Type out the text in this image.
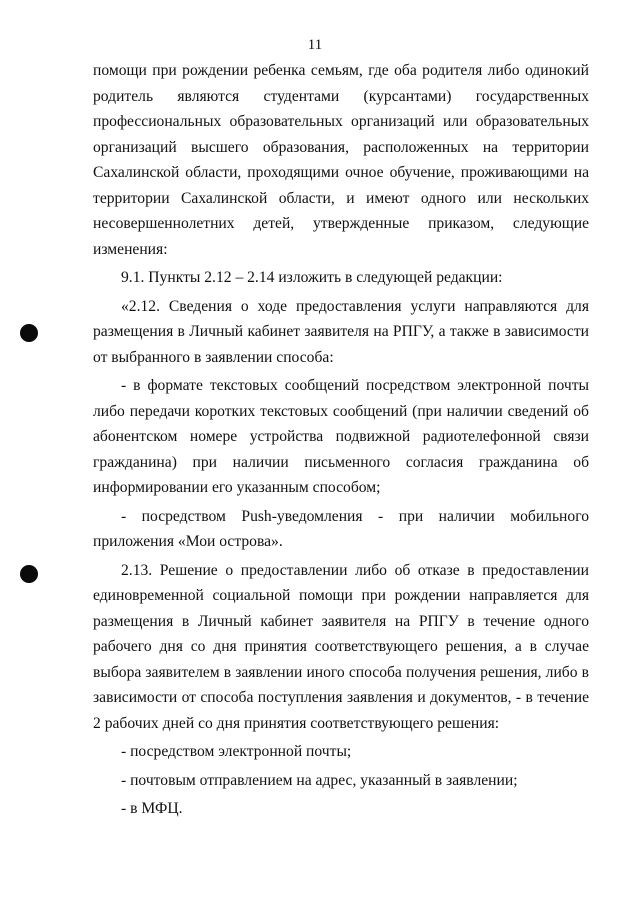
11

помощи при рождении ребенка семьям, где оба родителя либо одинокий родитель являются студентами (курсантами) государственных профессиональных образовательных организаций или образовательных организаций высшего образования, расположенных на территории Сахалинской области, проходящими очное обучение, проживающими на территории Сахалинской области, и имеют одного или нескольких несовершеннолетних детей, утвержденные приказом, следующие изменения:

9.1. Пункты 2.12 – 2.14 изложить в следующей редакции:

«2.12. Сведения о ходе предоставления услуги направляются для размещения в Личный кабинет заявителя на РПГУ, а также в зависимости от выбранного в заявлении способа:

- в формате текстовых сообщений посредством электронной почты либо передачи коротких текстовых сообщений (при наличии сведений об абонентском номере устройства подвижной радиотелефонной связи гражданина) при наличии письменного согласия гражданина об информировании его указанным способом;

- посредством Push-уведомления - при наличии мобильного приложения «Мои острова».

2.13. Решение о предоставлении либо об отказе в предоставлении единовременной социальной помощи при рождении направляется для размещения в Личный кабинет заявителя на РПГУ в течение одного рабочего дня со дня принятия соответствующего решения, а в случае выбора заявителем в заявлении иного способа получения решения, либо в зависимости от способа поступления заявления и документов, - в течение 2 рабочих дней со дня принятия соответствующего решения:

- посредством электронной почты;

- почтовым отправлением на адрес, указанный в заявлении;

- в МФЦ.
